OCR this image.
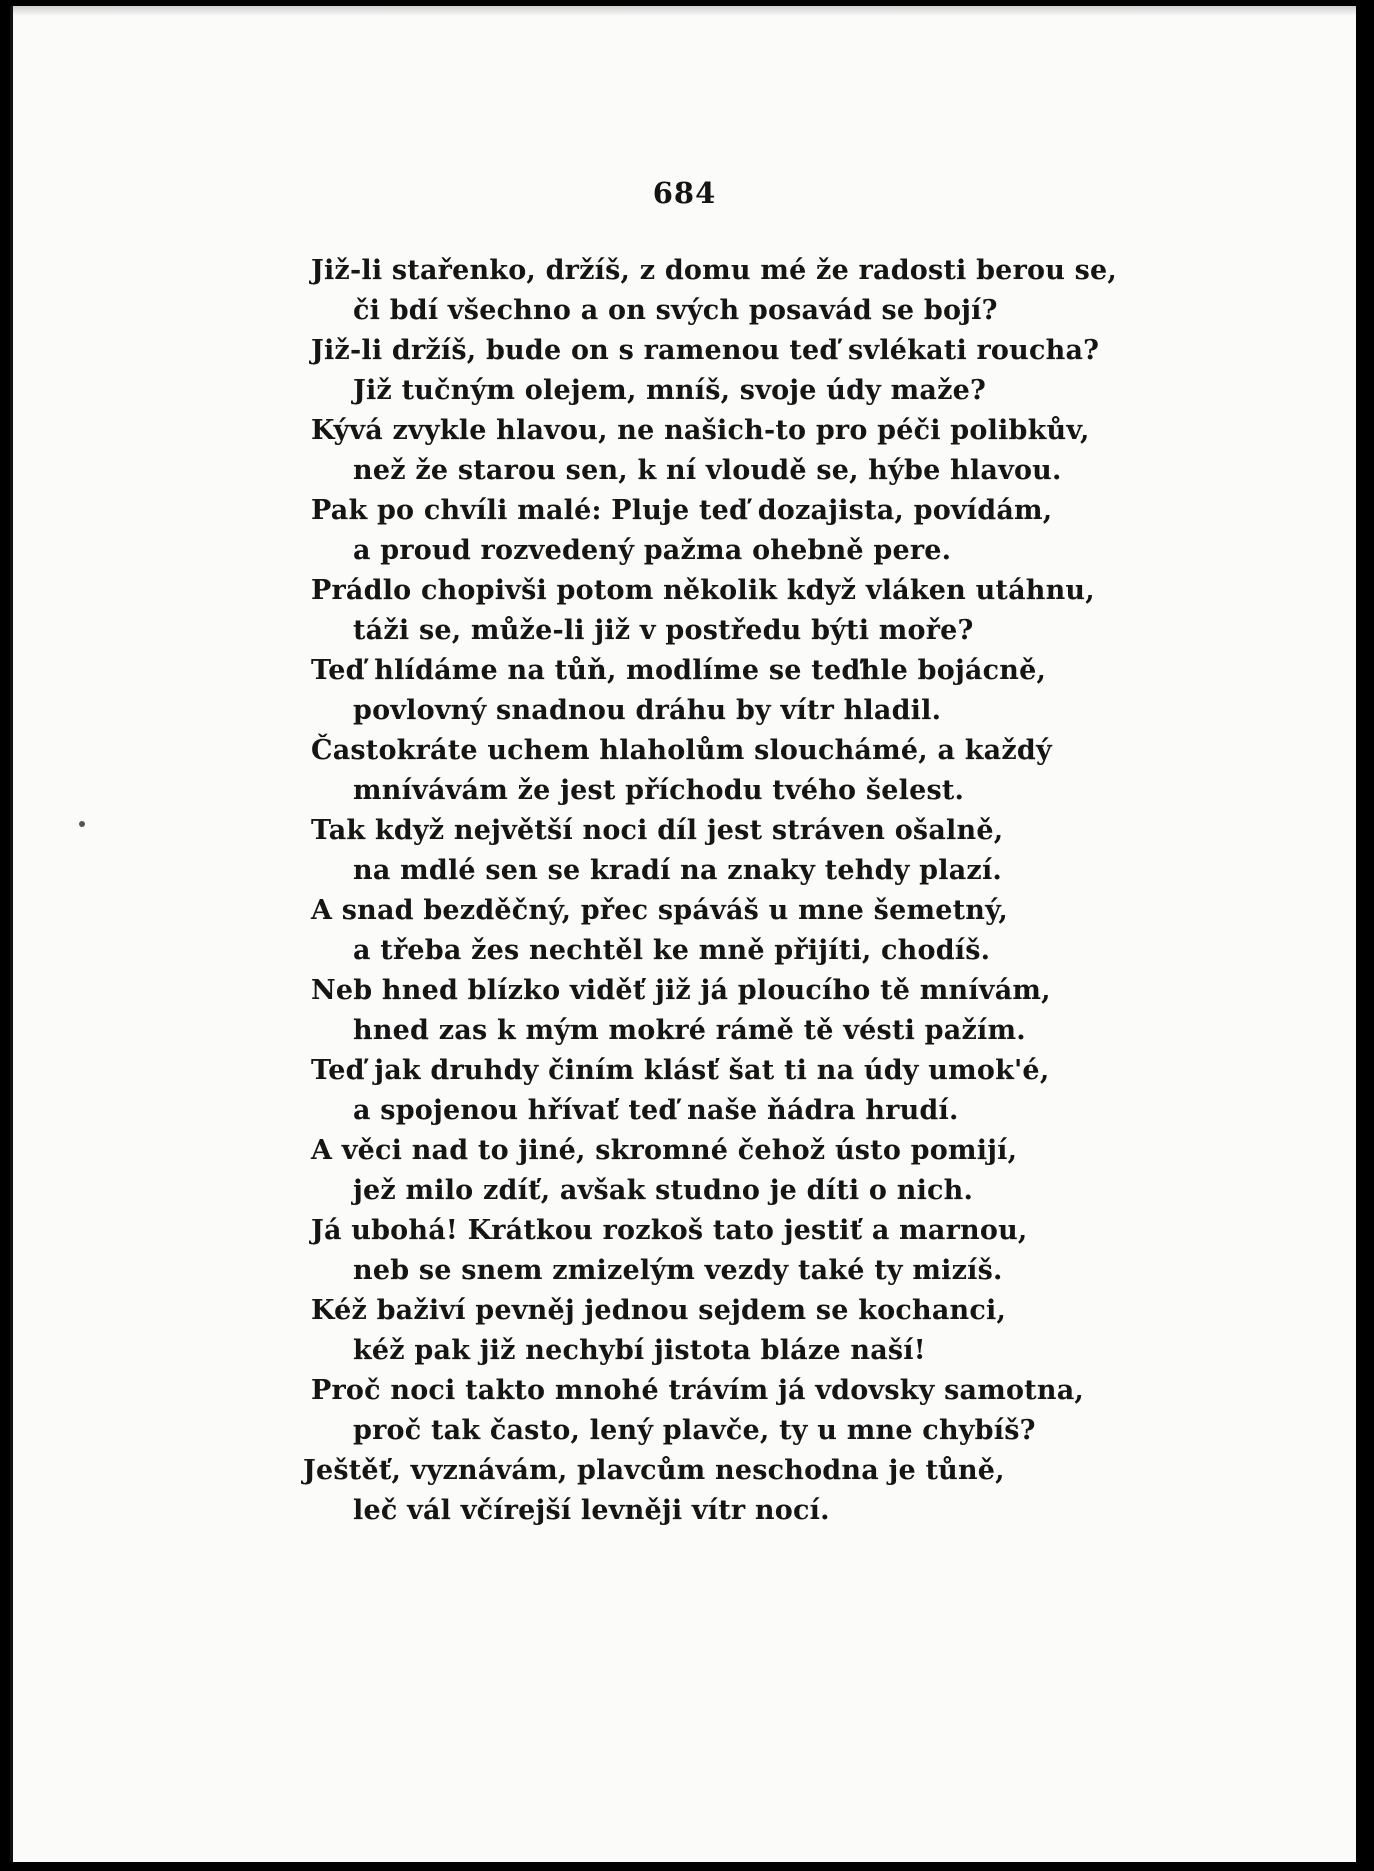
684
Již-li stařenko, držíš, z domu mé že radosti berou se,
či bdí všechno a on svých posavád se bojí?
Již-li držíš, bude on s ramenou teď svlékati roucha?
Již tučným olejem, mníš, svoje údy maže?
Kývá zvykle hlavou, ne našich-to pro péči polibkův,
než že starou sen, k ní vloudě se, hýbe hlavou.
Pak po chvíli malé: Pluje teď dozajista, povídám,
a proud rozvedený pažma ohebně pere.
Prádlo chopivši potom několik když vláken utáhnu,
táži se, může-li již v postředu býti moře?
Teď hlídáme na tůň, modlíme se teďhle bojácně,
povlovný snadnou dráhu by vítr hladil.
Častokráte uchem hlaholům slouchámé, a každý
mnívávám že jest příchodu tvého šelest.
Tak když největší noci díl jest stráven ošalně,
na mdlé sen se kradí na znaky tehdy plazí.
A snad bezděčný, přec spáváš u mne šemetný,
a třeba žes nechtěl ke mně přijíti, chodíš.
Neb hned blízko viděť již já ploucího tě mnívám,
hned zas k mým mokré rámě tě vésti pažím.
Teď jak druhdy činím klásť šat ti na údy umok'é,
a spojenou hřívať teď naše ňádra hrudí.
A věci nad to jiné, skromné čehož ústo pomijí,
jež milo zdíť, avšak studno je díti o nich.
Já ubohá! Krátkou rozkoš tato jestiť a marnou,
neb se snem zmizelým vezdy také ty mizíš.
Kéž baživí pevněj jednou sejdem se kochanci,
kéž pak již nechybí jistota bláze naší!
Proč noci takto mnohé trávím já vdovsky samotna,
proč tak často, lený plavče, ty u mne chybíš?
Ještěť, vyznávám, plavcům neschodna je tůně,
leč vál včírejší levněji vítr nocí.
